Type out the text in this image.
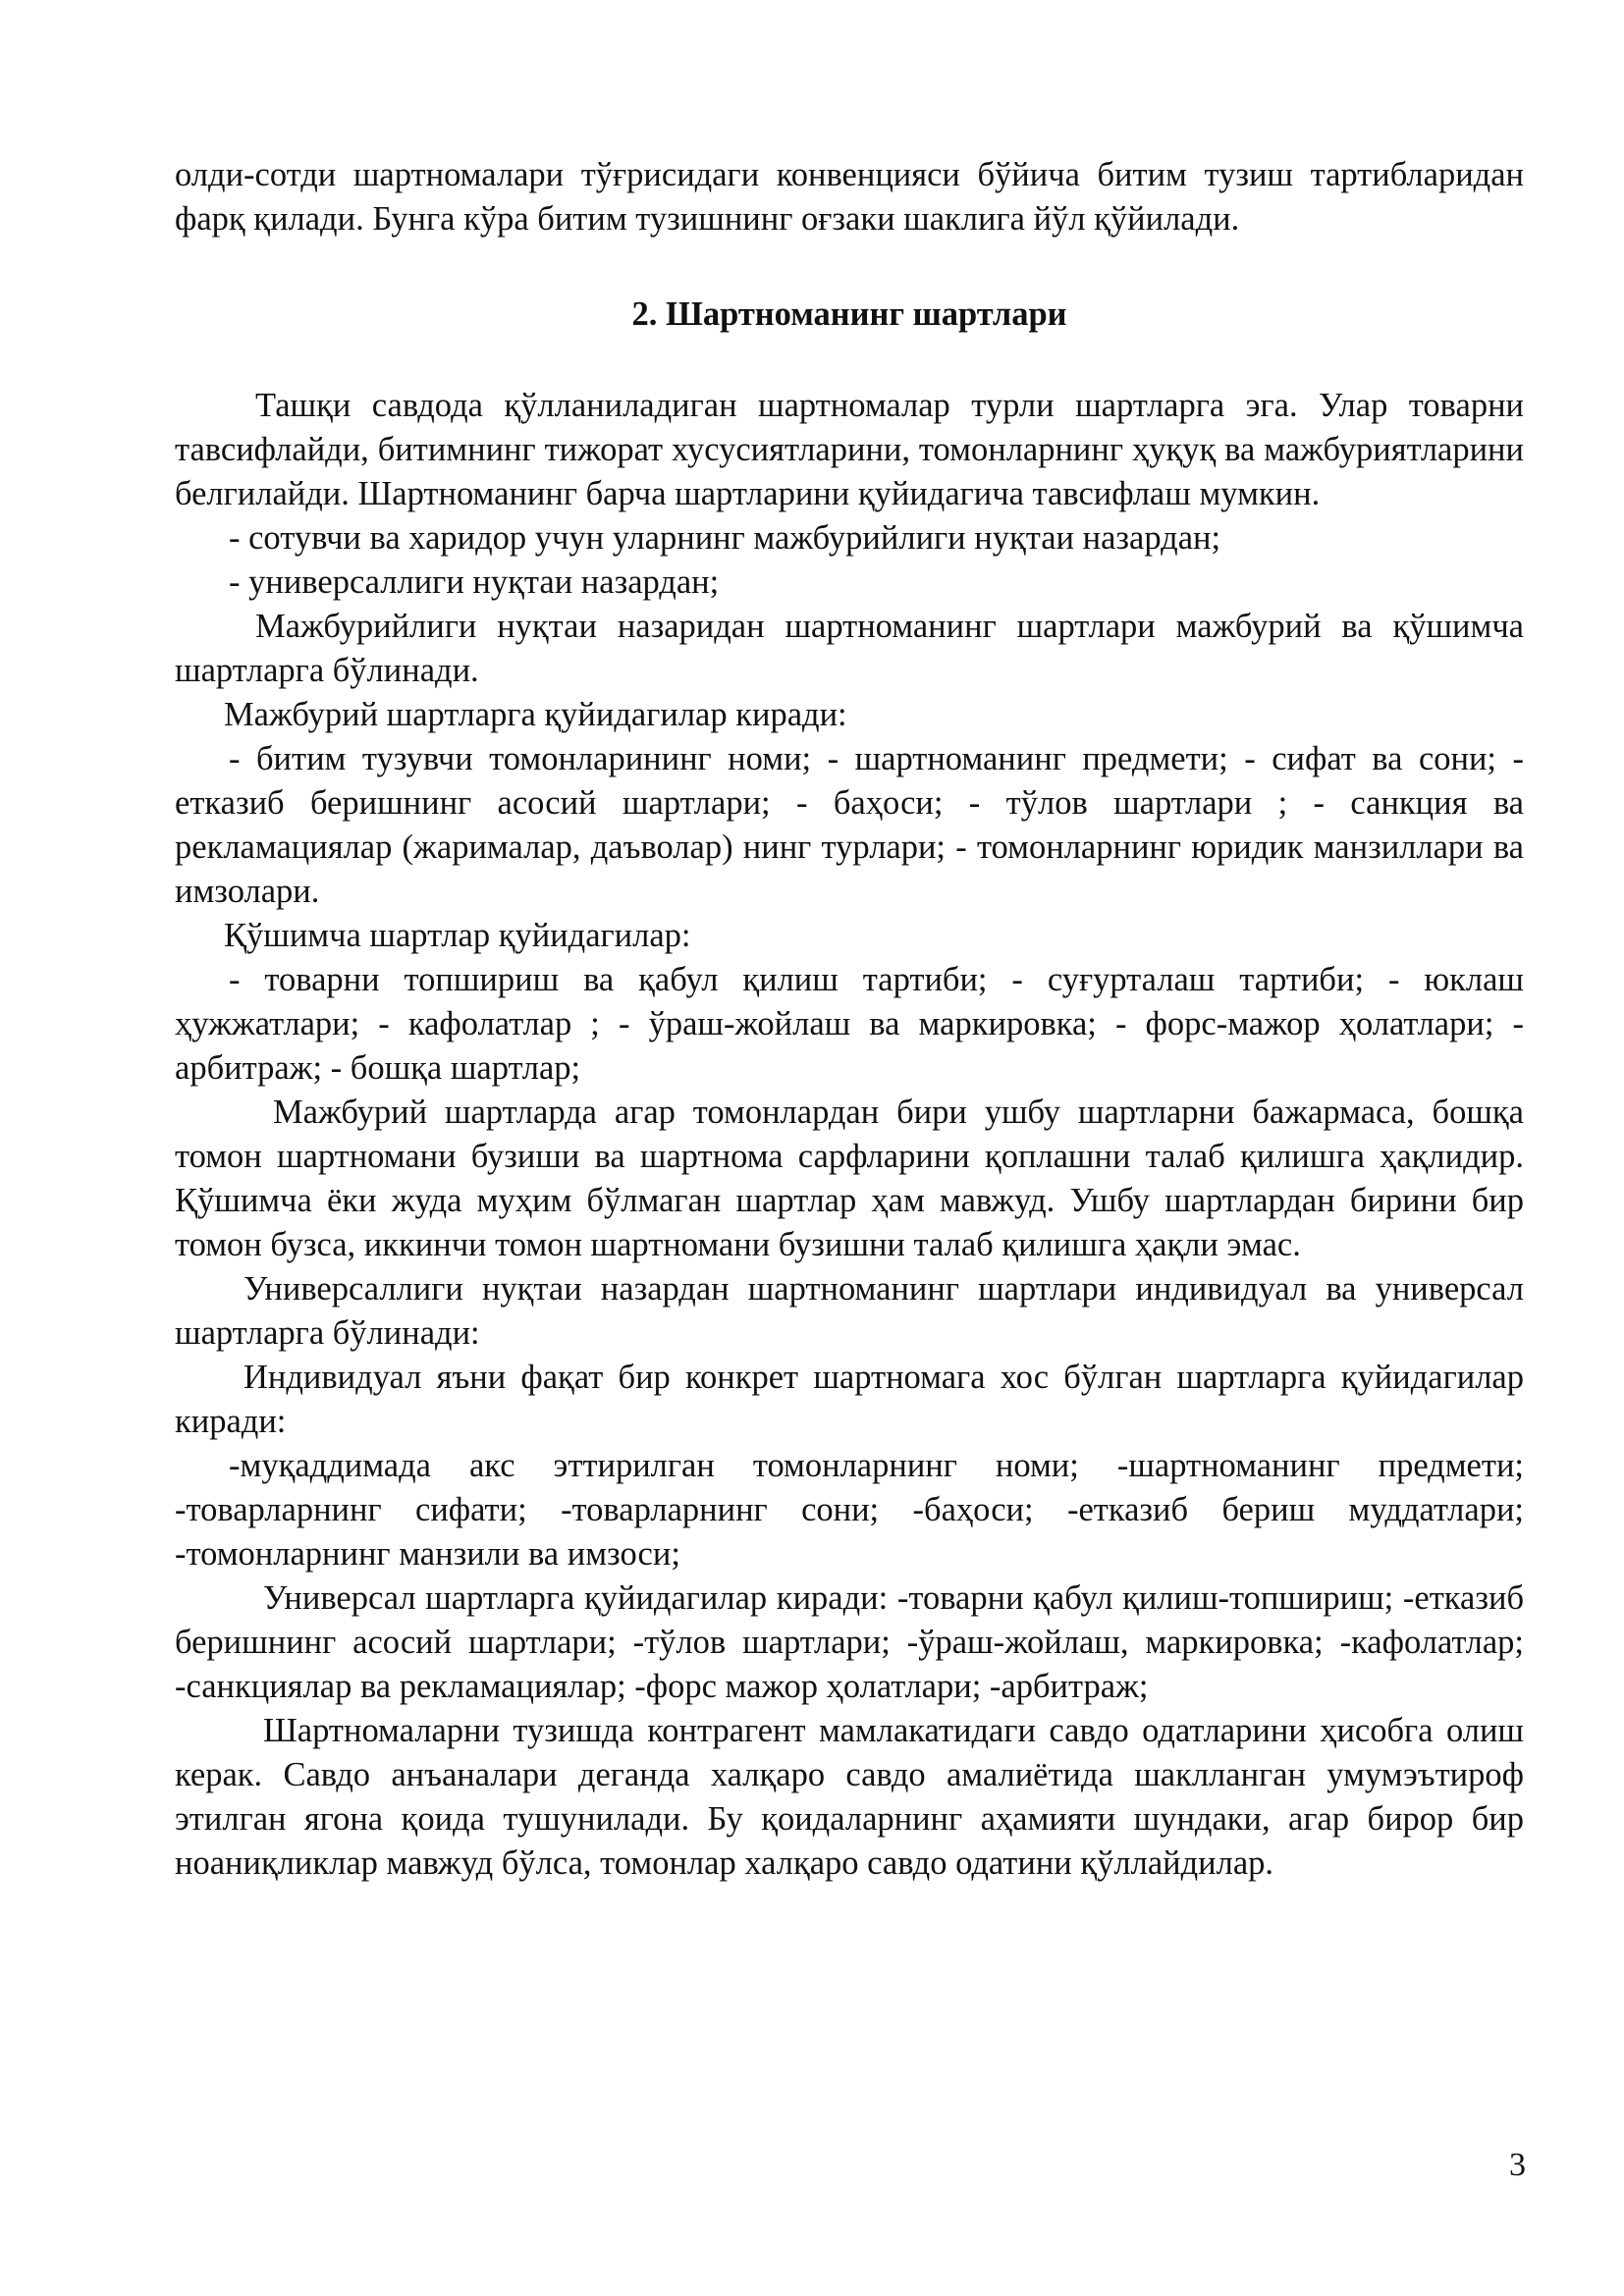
олди-сотди шартномалари тўғрисидаги конвенцияси бўйича битим тузиш тартибларидан фарқ қилади. Бунга кўра битим тузишнинг оғзаки шаклига йўл қўйилади.

2. Шартноманинг шартлари

Ташқи савдода қўлланиладиган шартномалар турли шартларга эга. Улар товарни тавсифлайди, битимнинг тижорат хусусиятларини, томонларнинг ҳуқуқ ва мажбуриятларини белгилайди. Шартноманинг барча шартларини қуйидагича тавсифлаш мумкин.

- сотувчи ва харидор учун уларнинг мажбурийлиги нуқтаи назардан;

- универсаллиги нуқтаи назардан;

Мажбурийлиги нуқтаи назаридан шартноманинг шартлари мажбурий ва қўшимча шартларга бўлинади.

Мажбурий шартларга қуйидагилар киради:

- битим тузувчи томонларининг номи; - шартноманинг предмети; - сифат ва сони; - етказиб беришнинг асосий шартлари; - баҳоси; - тўлов шартлари ; - санкция ва рекламациялар (жарималар, даъволар) нинг турлари; - томонларнинг юридик манзиллари ва имзолари.

Қўшимча шартлар қуйидагилар:

- товарни топшириш ва қабул қилиш тартиби; - суғурталаш тартиби; - юклаш ҳужжатлари; - кафолатлар ; - ўраш-жойлаш ва маркировка; - форс-мажор ҳолатлари; - арбитраж; - бошқа шартлар;

Мажбурий шартларда агар томонлардан бири ушбу шартларни бажармаса, бошқа томон шартномани бузиши ва шартнома сарфларини қоплашни талаб қилишга ҳақлидир. Қўшимча ёки жуда муҳим бўлмаган шартлар ҳам мавжуд. Ушбу шартлардан бирини бир томон бузса, иккинчи томон шартномани бузишни талаб қилишга ҳақли эмас.

Универсаллиги нуқтаи назардан шартноманинг шартлари индивидуал ва универсал шартларга бўлинади:

Индивидуал яъни фақат бир конкрет шартномага хос бўлган шартларга қуйидагилар киради:

-муқаддимада акс эттирилган томонларнинг номи; -шартноманинг предмети; -товарларнинг сифати; -товарларнинг сони; -баҳоси; -етказиб бериш муддатлари; -томонларнинг манзили ва имзоси;

Универсал шартларга қуйидагилар киради: -товарни қабул қилиш-топшириш; -етказиб беришнинг асосий шартлари; -тўлов шартлари; -ўраш-жойлаш, маркировка; -кафолатлар; -санкциялар ва рекламациялар; -форс мажор ҳолатлари; -арбитраж;

Шартномаларни тузишда контрагент мамлакатидаги савдо одатларини ҳисобга олиш керак. Савдо анъаналари деганда халқаро савдо амалиётида шаклланган умумэътироф этилган ягона қоида тушунилади. Бу қоидаларнинг аҳамияти шундаки, агар бирор бир ноаниқликлар мавжуд бўлса, томонлар халқаро савдо одатини қўллайдилар.

3
